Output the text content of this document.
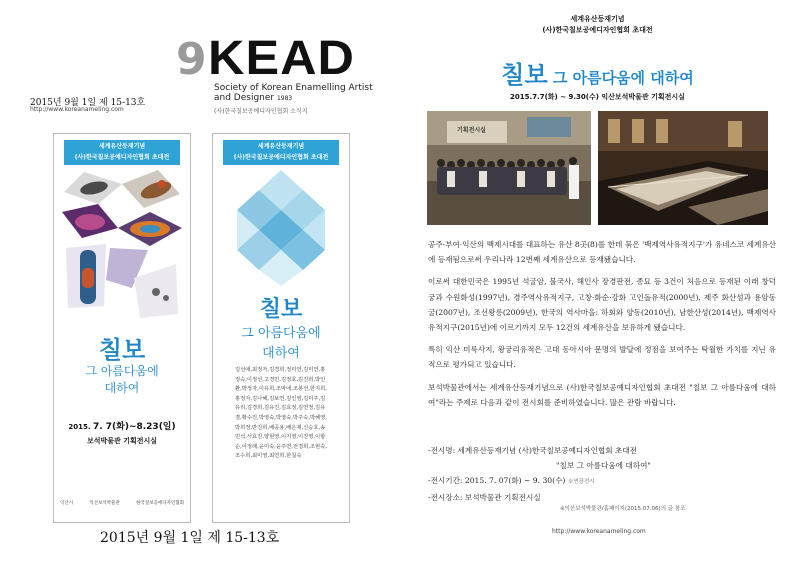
9 KEAD
Society of Korean Enamelling Artist and Designer 1983
(사)한국칠보공예디자인협회 소식지
2015년 9월 1일 제 15-13호
http://www.koreanameling.com
세계유산등재기념
(사)한국칠보공예디자인협회 초대전
칠보
그 아름다움에
대하여
2015. 7. 7(화)~8.23(일)
보석박물관 기획전시실
익산시	익산보석박물관	한국칠보공예디자인협회
세계유산등재기념
(사)한국칠보공예디자인협회 초대전
칠보
그 아름다움에
대하여
김선애,최정자,김경희,정미연,김미연,홍정숙,이정선,고경민,김정호,김진희,박인환,박정자,이유희,조막애,조봉선,한지희,홍정자,김나혜,김보연,김인영,김미주,김유리,김경희,김유진,김효정,김연정,김유겸,황수진,박영숙,박영숙,박주숙,박혜영,박희정,반진희,배공용,배은재,신승호,송민석,서효진,양현영,이지영,이진영,이항순,이정례,윤미숙,윤주연,전경희,조현숙,조수희,최미영,최연희,한칠숙
2015년 9월 1일 제 15-13호
세계유산등재기념
(사)한국칠보공예디자인협회 초대전
칠보 그 아름다움에 대하여
2015.7.7(화) ~ 9.30(수) 익산보석박물관 기획전시실
기획전시실

공주·부여·익산의 백제시대를 대표하는 유산 8곳(8)를 한데 묶은 '백제역사유적지구'가 유네스코 세계유산에 등재됨으로써 우리나라 12번째 세계유산으로 등재됐습니다.

이로써 대한민국은 1995년 석굴암, 불국사, 해인사 장경판전, 종묘 등 3건이 처음으로 등재된 이래 창덕궁과 수원화성(1997년), 경주역사유적지구, 고창·화순·강화 고인돌유적(2000년), 제주 화산섬과 용암동굴(2007년), 조선왕릉(2009년), 한국의 역사마을: 하회와 양동(2010년), 남한산성(2014년), 백제역사유적지구(2015년)에 이르기까지 모두 12건의 세계유산을 보유하게 됐습니다.

특히 익산 미륵사지, 왕궁리유적은 고대 동아시아 문명의 발달에 정점을 보여주는 탁월한 가치를 지닌 유적으로 평가되고 있습니다.

보석박물관에서는 세계유산등재기념으로 (사)한국칠보공예디자인협회 초대전 "칠보 그 아름다움에 대하여"라는 주제로 다음과 같이 전시회를 준비하였습니다. 많은 관람 바랍니다.

-전시명: 세계유산등재기념 (사)한국칠보공예디자인협회 초대전
"칠보 그 아름다움에 대하여"
-전시기간: 2015. 7. 07(화) ~ 9. 30(수) ※연장전시
-전시장소: 보석박물관 기획전시실
※익산보석박물관/홈페이지(2015.07.06)의 글 참조
http://www.koreanameling.com
